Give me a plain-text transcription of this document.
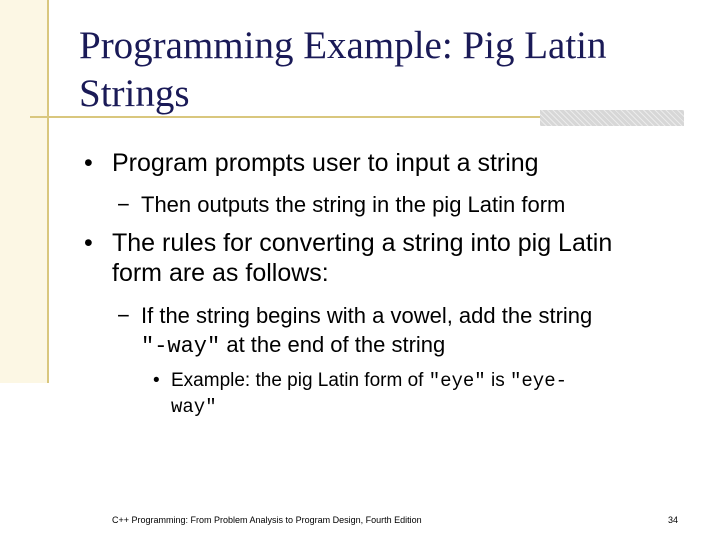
Programming Example: Pig Latin
Strings
• Program prompts user to input a string
− Then outputs the string in the pig Latin form
• The rules for converting a string into pig Latin
form are as follows:
− If the string begins with a vowel, add the string
"-way" at the end of the string
• Example: the pig Latin form of "eye" is "eye-
way"
C++ Programming: From Problem Analysis to Program Design, Fourth Edition	34
